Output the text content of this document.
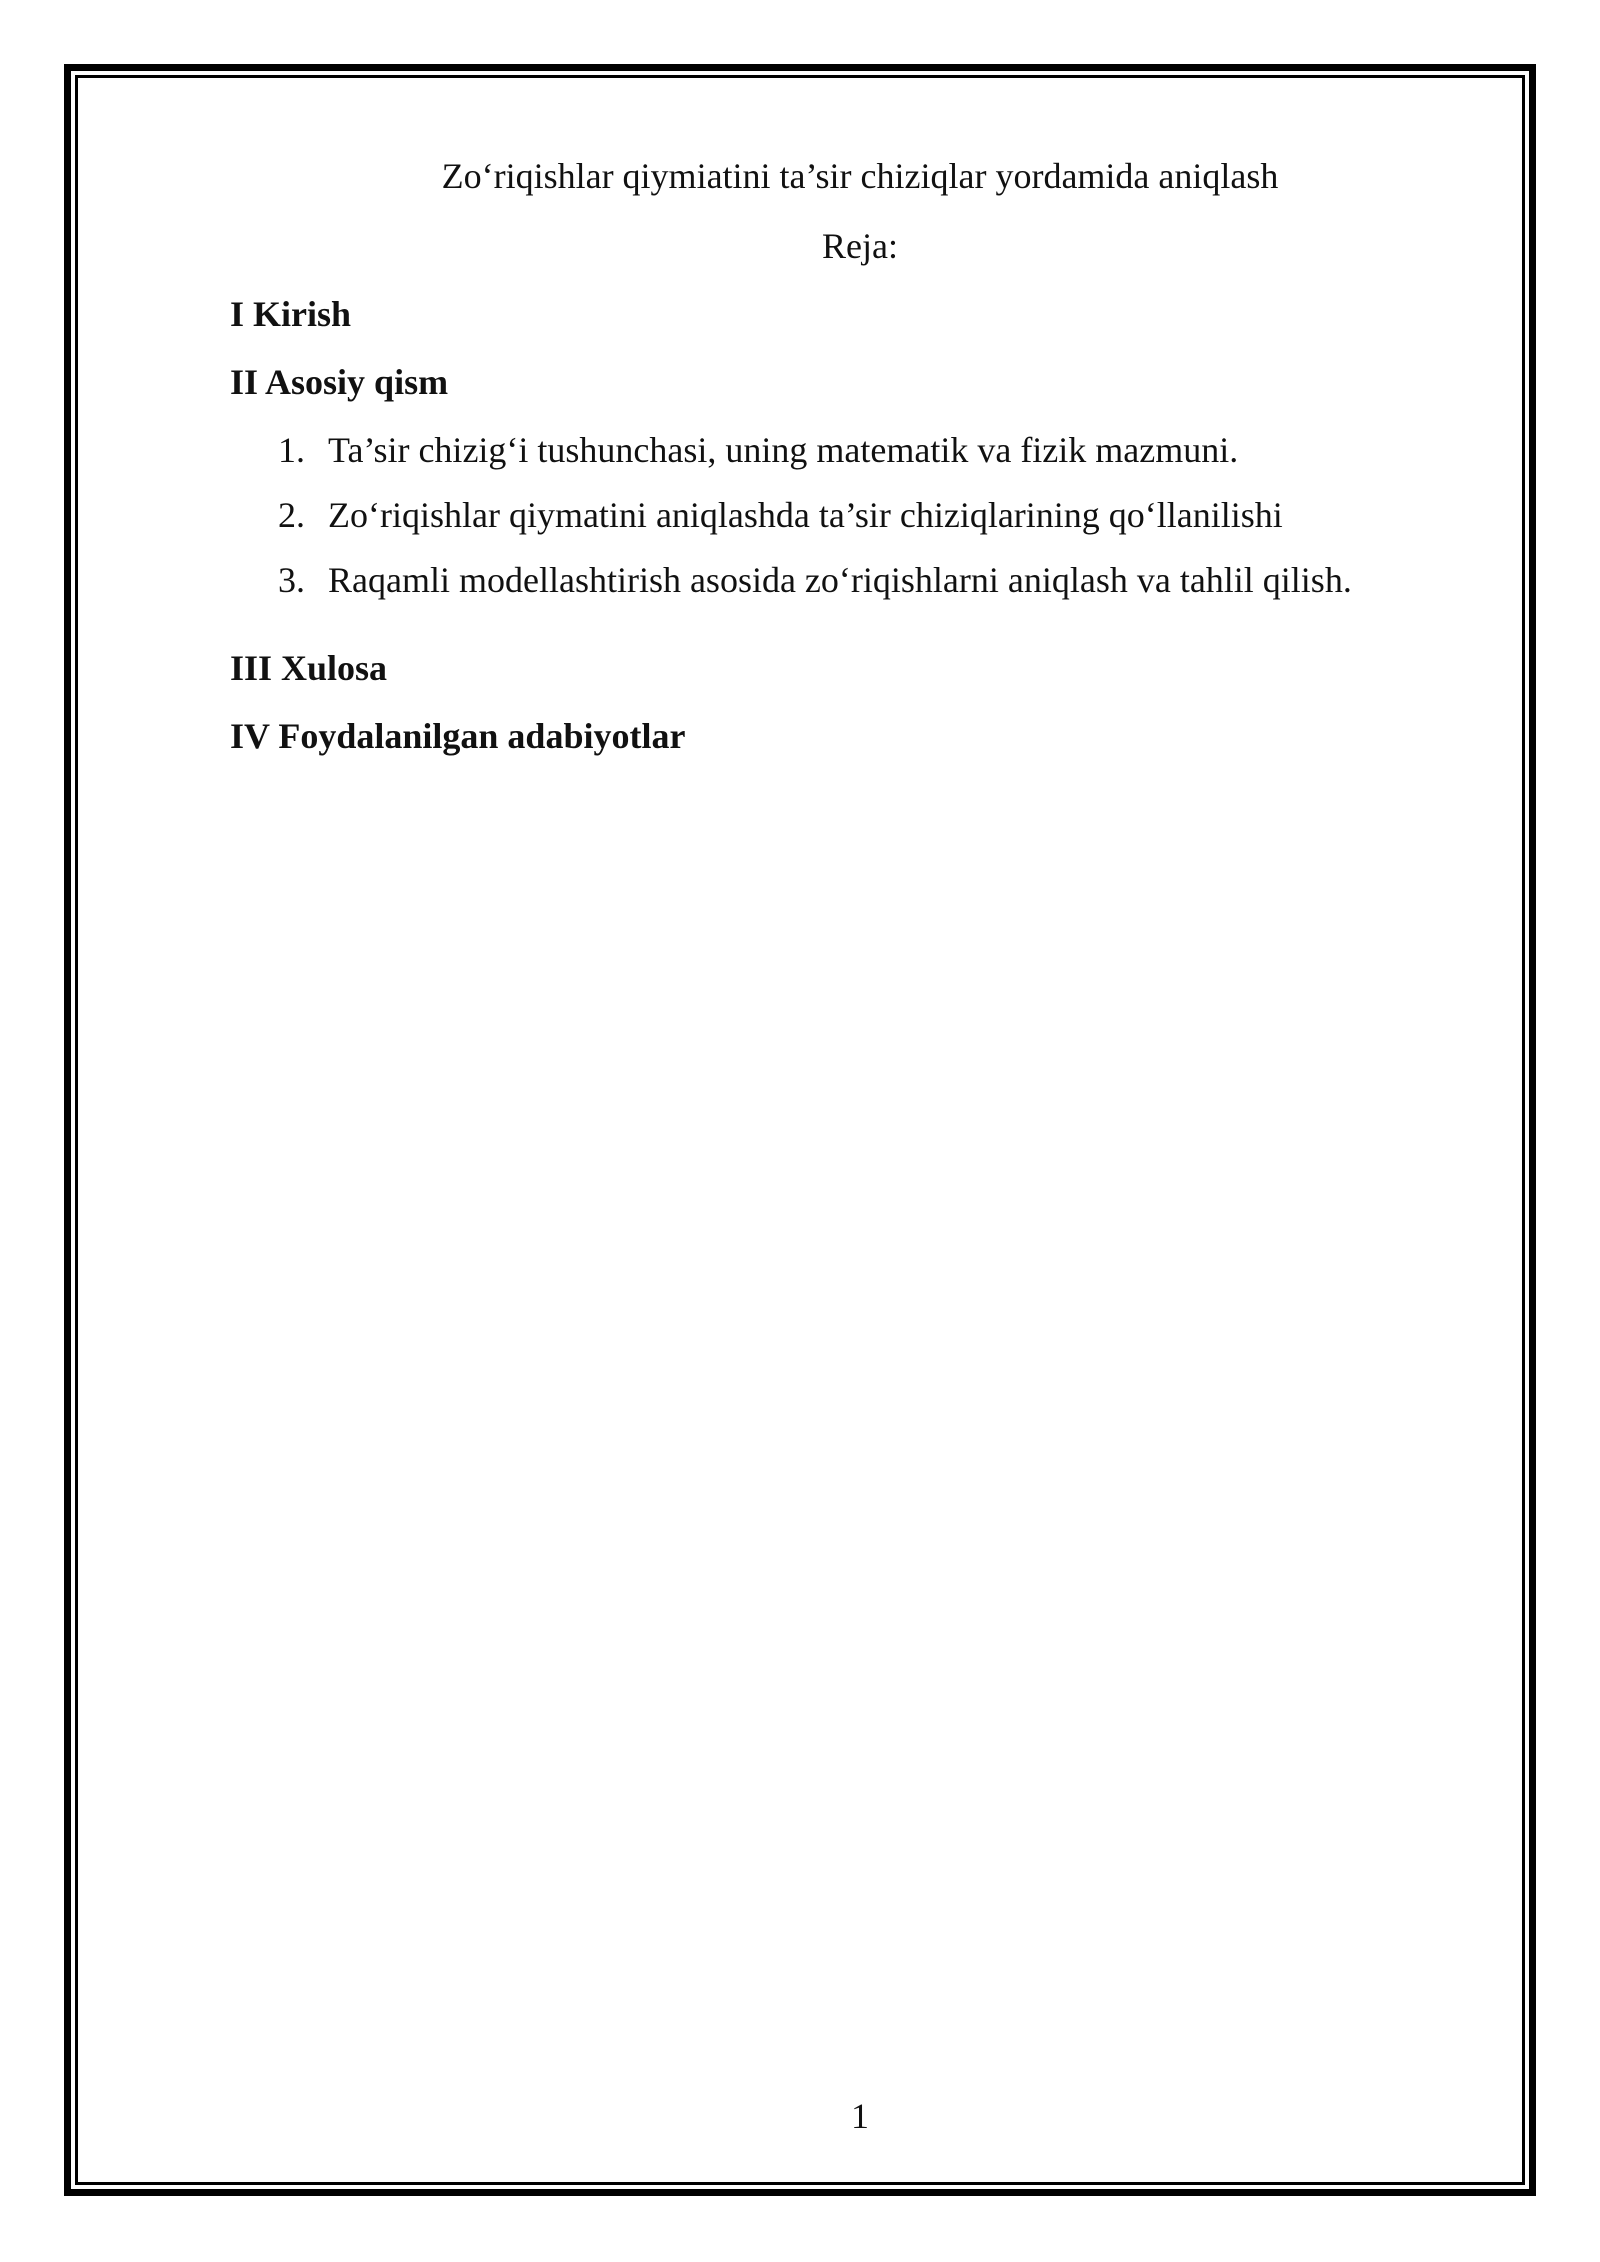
Zo‘riqishlar qiymiatini ta’sir chiziqlar yordamida aniqlash
Reja:
I Kirish
II Asosiy qism
1. Ta’sir chizig‘i tushunchasi, uning matematik va fizik mazmuni.
2. Zo‘riqishlar qiymatini aniqlashda ta’sir chiziqlarining qo‘llanilishi
3. Raqamli modellashtirish asosida zo‘riqishlarni aniqlash va tahlil qilish.
III Xulosa
IV Foydalanilgan adabiyotlar
1
